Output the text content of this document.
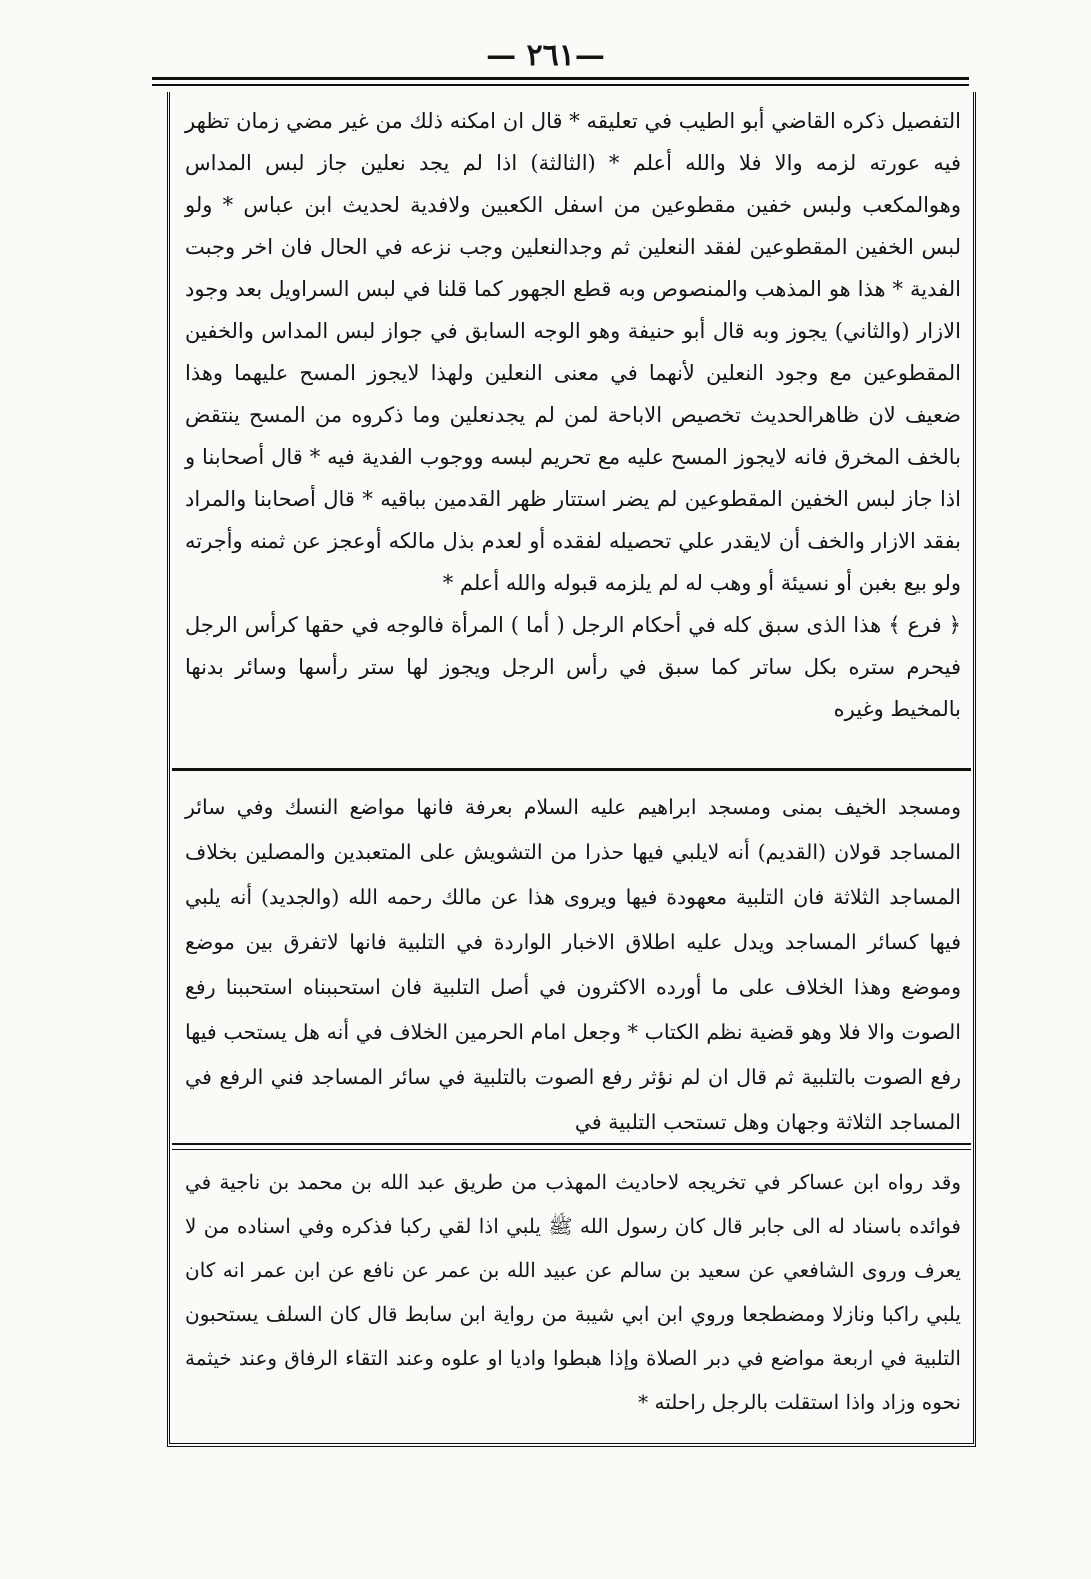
— ٢٦١—

التفصيل ذكره القاضي أبو الطيب في تعليقه * قال ان امكنه ذلك من غير مضي زمان تظهر فيه عورته لزمه والا فلا والله أعلم * (الثالثة) اذا لم يجد نعلين جاز لبس المداس وهوالمكعب ولبس خفين مقطوعين من اسفل الكعبين ولافدية لحديث ابن عباس * ولو لبس الخفين المقطوعين لفقد النعلين ثم وجدالنعلين وجب نزعه في الحال فان اخر وجبت الفدية * هذا هو المذهب والمنصوص وبه قطع الجهور كما قلنا في لبس السراويل بعد وجود الازار (والثاني) يجوز وبه قال أبو حنيفة وهو الوجه السابق في جواز لبس المداس والخفين المقطوعين مع وجود النعلين لأنهما في معنى النعلين ولهذا لايجوز المسح عليهما وهذا ضعيف لان ظاهرالحديث تخصيص الاباحة لمن لم يجدنعلين وما ذكروه من المسح ينتقض بالخف المخرق فانه لايجوز المسح عليه مع تحريم لبسه ووجوب الفدية فيه * قال أصحابنا و اذا جاز لبس الخفين المقطوعين لم يضر استتار ظهر القدمين بباقيه * قال أصحابنا والمراد بفقد الازار والخف أن لايقدر علي تحصيله لفقده أو لعدم بذل مالكه أوعجز عن ثمنه وأجرته ولو بيع بغبن أو نسيئة أو وهب له لم يلزمه قبوله والله أعلم *

﴿ فرع ﴾ هذا الذى سبق كله في أحكام الرجل ( أما ) المرأة فالوجه في حقها كرأس الرجل فيحرم ستره بكل ساتر كما سبق في رأس الرجل ويجوز لها ستر رأسها وسائر بدنها بالمخيط وغيره

ومسجد الخيف بمنى ومسجد ابراهيم عليه السلام بعرفة فانها مواضع النسك وفي سائر المساجد قولان (القديم) أنه لايلبي فيها حذرا من التشويش على المتعبدين والمصلين بخلاف المساجد الثلاثة فان التلبية معهودة فيها ويروى هذا عن مالك رحمه الله (والجديد) أنه يلبي فيها كسائر المساجد ويدل عليه اطلاق الاخبار الواردة في التلبية فانها لاتفرق بين موضع وموضع وهذا الخلاف على ما أورده الاكثرون في أصل التلبية فان استحببناه استحببنا رفع الصوت والا فلا وهو قضية نظم الكتاب * وجعل امام الحرمين الخلاف في أنه هل يستحب فيها رفع الصوت بالتلبية ثم قال ان لم نؤثر رفع الصوت بالتلبية في سائر المساجد فني الرفع في المساجد الثلاثة وجهان وهل تستحب التلبية في

وقد رواه ابن عساكر في تخريجه لاحاديث المهذب من طريق عبد الله بن محمد بن ناجية في فوائده باسناد له الى جابر قال كان رسول الله ﷺ يلبي اذا لقي ركبا فذكره وفي اسناده من لا يعرف وروى الشافعي عن سعيد بن سالم عن عبيد الله بن عمر عن نافع عن ابن عمر انه كان يلبي راكبا ونازلا ومضطجعا وروي ابن ابي شيبة من رواية ابن سابط قال كان السلف يستحبون التلبية في اربعة مواضع في دبر الصلاة وإذا هبطوا واديا او علوه وعند التقاء الرفاق وعند خيثمة نحوه وزاد واذا استقلت بالرجل راحلته *
